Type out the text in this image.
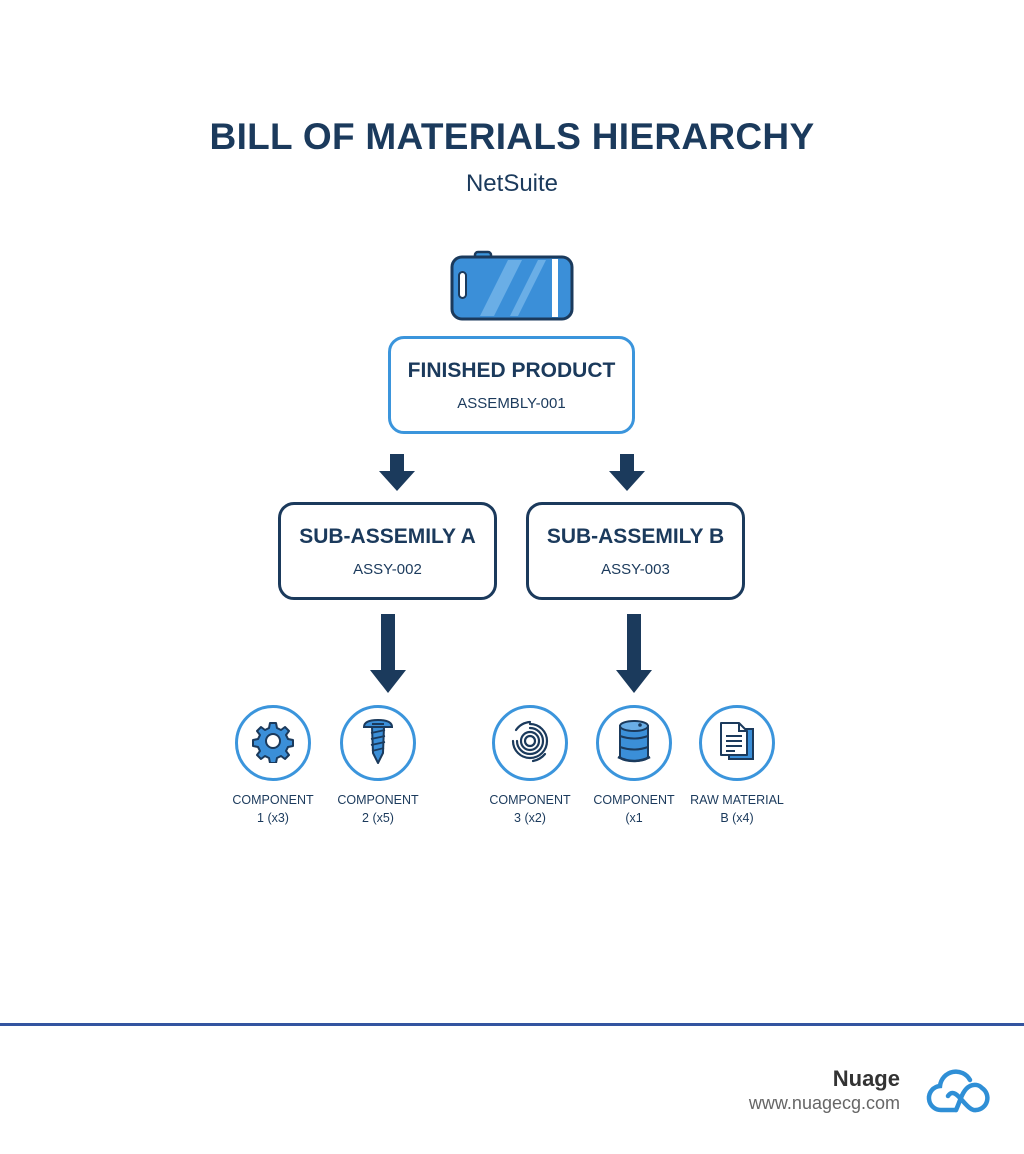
BILL OF MATERIALS HIERARCHY
NetSuite
FINISHED PRODUCT
ASSEMBLY-001
SUB-ASSEMILY A
ASSY-002
SUB-ASSEMILY B
ASSY-003
COMPONENT
1 (x3)
COMPONENT
2 (x5)
COMPONENT
3 (x2)
COMPONENT
(x1
RAW MATERIAL
B (x4)
Nuage
www.nuagecg.com
